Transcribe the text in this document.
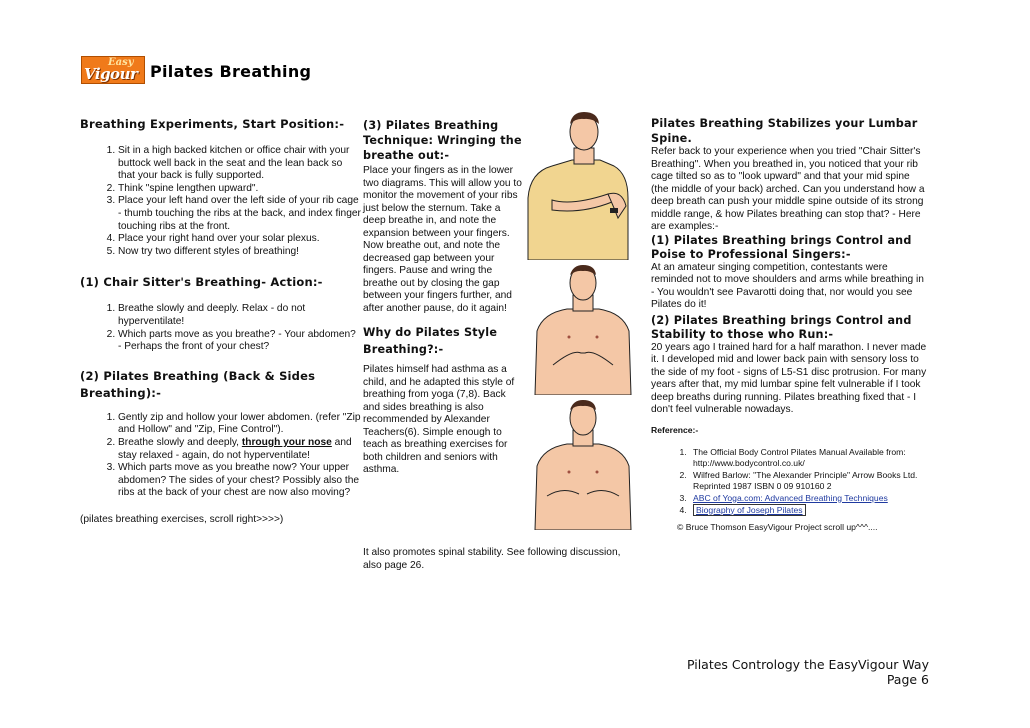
Easy
Vigour Pilates Breathing
Breathing Experiments, Start Position:-
1. Sit in a high backed kitchen or office chair with your buttock well back in the seat and the lean back so that your back is fully supported.
2. Think "spine lengthen upward".
3. Place your left hand over the left side of your rib cage - thumb touching the ribs at the back, and index finger touching ribs at the front.
4. Place your right hand over your solar plexus.
5. Now try two different styles of breathing!
(1) Chair Sitter's Breathing- Action:-
1. Breathe slowly and deeply. Relax - do not hyperventilate!
2. Which parts move as you breathe? - Your abdomen? - Perhaps the front of your chest?
(2) Pilates Breathing (Back & Sides Breathing):-
1. Gently zip and hollow your lower abdomen. (refer "Zip and Hollow" and "Zip, Fine Control").
2. Breathe slowly and deeply, through your nose and stay relaxed - again, do not hyperventilate!
3. Which parts move as you breathe now? Your upper abdomen? The sides of your chest? Possibly also the ribs at the back of your chest are now also moving?
(pilates breathing exercises, scroll right>>>>)
(3) Pilates Breathing Technique: Wringing the breathe out:-
Place your fingers as in the lower two diagrams. This will allow you to monitor the movement of your ribs just below the sternum. Take a deep breathe in, and note the expansion between your fingers. Now breathe out, and note the decreased gap between your fingers. Pause and wring the breathe out by closing the gap between your fingers further, and after another pause, do it again!
Why do Pilates Style Breathing?:-
Pilates himself had asthma as a child, and he adapted this style of breathing from yoga (7,8). Back and sides breathing is also recommended by Alexander Teachers(6). Simple enough to teach as breathing exercises for both children and seniors with asthma.
It also promotes spinal stability. See following discussion, also page 26.
Pilates Breathing Stabilizes your Lumbar Spine.
Refer back to your experience when you tried "Chair Sitter's Breathing". When you breathed in, you noticed that your rib cage tilted so as to "look upward" and that your mid spine (the middle of your back) arched. Can you understand how a deep breath can push your middle spine outside of its strong middle range, & how Pilates breathing can stop that? - Here are examples:-
(1) Pilates Breathing brings Control and Poise to Professional Singers:-
At an amateur singing competition, contestants were reminded not to move shoulders and arms while breathing in - You wouldn't see Pavarotti doing that, nor would you see Pilates do it!
(2) Pilates Breathing brings Control and Stability to those who Run:-
20 years ago I trained hard for a half marathon. I never made it. I developed mid and lower back pain with sensory loss to the side of my foot - signs of L5-S1 disc protrusion. For many years after that, my mid lumbar spine felt vulnerable if I took deep breaths during running. Pilates breathing fixed that - I don't feel vulnerable nowadays.
Reference:-
1. The Official Body Control Pilates Manual Available from: http://www.bodycontrol.co.uk/
2. Wilfred Barlow: "The Alexander Principle" Arrow Books Ltd. Reprinted 1987 ISBN 0 09 910160 2
3. ABC of Yoga.com: Advanced Breathing Techniques
4. Biography of Joseph Pilates
© Bruce Thomson EasyVigour Project scroll up^^^....
Pilates Contrology the EasyVigour Way
Page 6
